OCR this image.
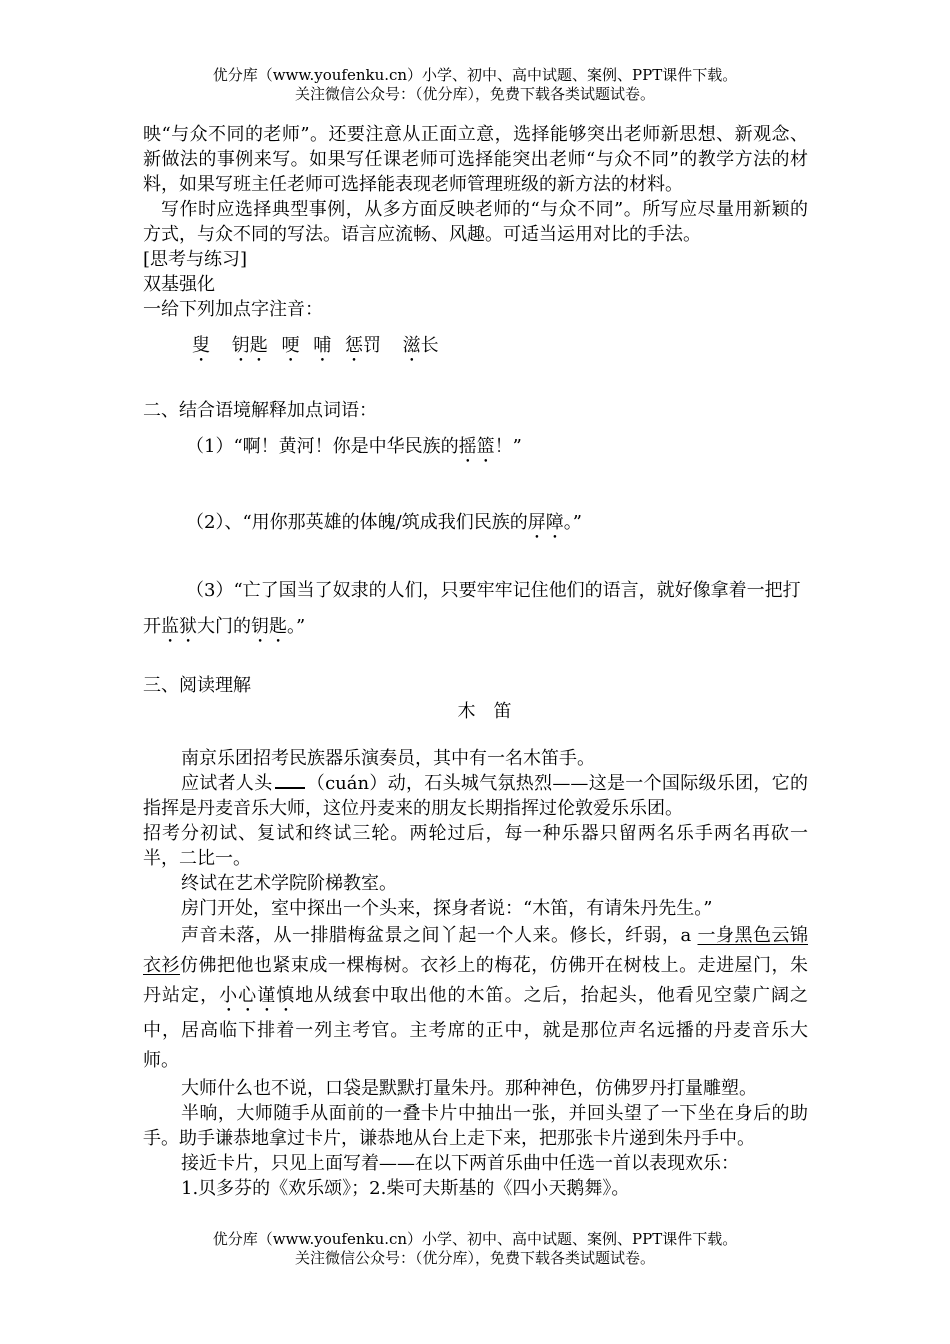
优分库（www.youfenku.cn）小学、初中、高中试题、案例、PPT课件下载。
关注微信公众号：（优分库），免费下载各类试题试卷。

映“与众不同的老师”。还要注意从正面立意，选择能够突出老师新思想、新观念、新做法的事例来写。如果写任课老师可选择能突出老师“与众不同”的教学方法的材料，如果写班主任老师可选择能表现老师管理班级的新方法的材料。

写作时应选择典型事例，从多方面反映老师的“与众不同”。所写应尽量用新颖的方式，与众不同的写法。语言应流畅、风趣。可适当运用对比的手法。

[思考与练习]

双基强化

一给下列加点字注音：

叟 钥匙 哽 哺 惩罚 滋长
二、结合语境解释加点词语：
（1）“啊！黄河！你是中华民族的摇篮！”
（2）、“用你那英雄的体魄/筑成我们民族的屏障。”
（3）“亡了国当了奴隶的人们，只要牢牢记住他们的语言，就好像拿着一把打开监狱大门的钥匙。”
三、阅读理解
木笛

南京乐团招考民族器乐演奏员，其中有一名木笛手。

应试者人头 （cuán）动，石头城气氛热烈——这是一个国际级乐团，它的指挥是丹麦音乐大师，这位丹麦来的朋友长期指挥过伦敦爱乐乐团。

招考分初试、复试和终试三轮。两轮过后，每一种乐器只留两名乐手两名再砍一半，二比一。

终试在艺术学院阶梯教室。

房门开处，室中探出一个头来，探身者说：“木笛，有请朱丹先生。”

声音未落，从一排腊梅盆景之间丫起一个人来。修长，纤弱，a 一身黑色云锦衣衫仿佛把他也紧束成一棵梅树。衣衫上的梅花，仿佛开在树枝上。走进屋门，朱丹站定，小心谨慎地从绒套中取出他的木笛。之后，抬起头，他看见空蒙广阔之中，居高临下排着一列主考官。主考席的正中，就是那位声名远播的丹麦音乐大师。

大师什么也不说，口袋是默默打量朱丹。那种神色，仿佛罗丹打量雕塑。

半晌，大师随手从面前的一叠卡片中抽出一张，并回头望了一下坐在身后的助手。助手谦恭地拿过卡片，谦恭地从台上走下来，把那张卡片递到朱丹手中。

接近卡片，只见上面写着——在以下两首乐曲中任选一首以表现欢乐：

1.贝多芬的《欢乐颂》；2.柴可夫斯基的《四小天鹅舞》。

优分库（www.youfenku.cn）小学、初中、高中试题、案例、PPT课件下载。
关注微信公众号：（优分库），免费下载各类试题试卷。
